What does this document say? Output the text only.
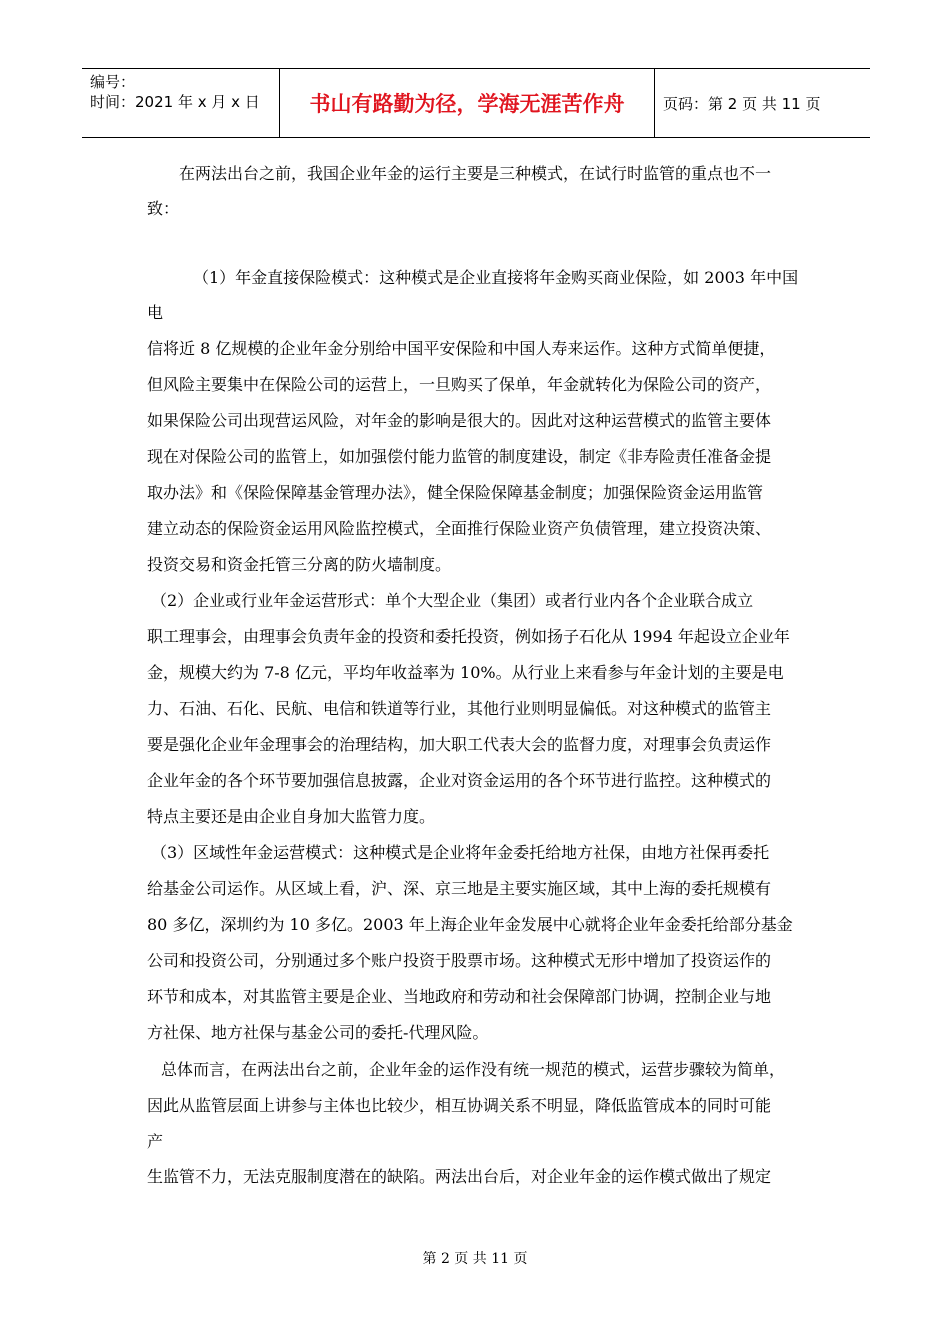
编号：
时间：2021 年 x 月 x 日	书山有路勤为径，学海无涯苦作舟	页码：第 2 页 共 11 页
　　在两法出台之前，我国企业年金的运行主要是三种模式，在试行时监管的重点也不一
致：
　（1）年金直接保险模式：这种模式是企业直接将年金购买商业保险，如 2003 年中国
电
信将近 8 亿规模的企业年金分别给中国平安保险和中国人寿来运作。这种方式简单便捷，
但风险主要集中在保险公司的运营上，一旦购买了保单，年金就转化为保险公司的资产，
如果保险公司出现营运风险，对年金的影响是很大的。因此对这种运营模式的监管主要体
现在对保险公司的监管上，如加强偿付能力监管的制度建设，制定《非寿险责任准备金提
取办法》和《保险保障基金管理办法》，健全保险保障基金制度；加强保险资金运用监管
建立动态的保险资金运用风险监控模式，全面推行保险业资产负债管理，建立投资决策、
投资交易和资金托管三分离的防火墙制度。
（2）企业或行业年金运营形式：单个大型企业（集团）或者行业内各个企业联合成立
职工理事会，由理事会负责年金的投资和委托投资，例如扬子石化从 1994 年起设立企业年
金，规模大约为 7-8 亿元，平均年收益率为 10%。从行业上来看参与年金计划的主要是电
力、石油、石化、民航、电信和铁道等行业，其他行业则明显偏低。对这种模式的监管主
要是强化企业年金理事会的治理结构，加大职工代表大会的监督力度，对理事会负责运作
企业年金的各个环节要加强信息披露，企业对资金运用的各个环节进行监控。这种模式的
特点主要还是由企业自身加大监管力度。
（3）区域性年金运营模式：这种模式是企业将年金委托给地方社保，由地方社保再委托
给基金公司运作。从区域上看，沪、深、京三地是主要实施区域，其中上海的委托规模有
80 多亿，深圳约为 10 多亿。2003 年上海企业年金发展中心就将企业年金委托给部分基金
公司和投资公司，分别通过多个账户投资于股票市场。这种模式无形中增加了投资运作的
环节和成本，对其监管主要是企业、当地政府和劳动和社会保障部门协调，控制企业与地
方社保、地方社保与基金公司的委托-代理风险。
总体而言，在两法出台之前，企业年金的运作没有统一规范的模式，运营步骤较为简单，
因此从监管层面上讲参与主体也比较少，相互协调关系不明显，降低监管成本的同时可能
产
生监管不力，无法克服制度潜在的缺陷。两法出台后，对企业年金的运作模式做出了规定
第 2 页 共 11 页
